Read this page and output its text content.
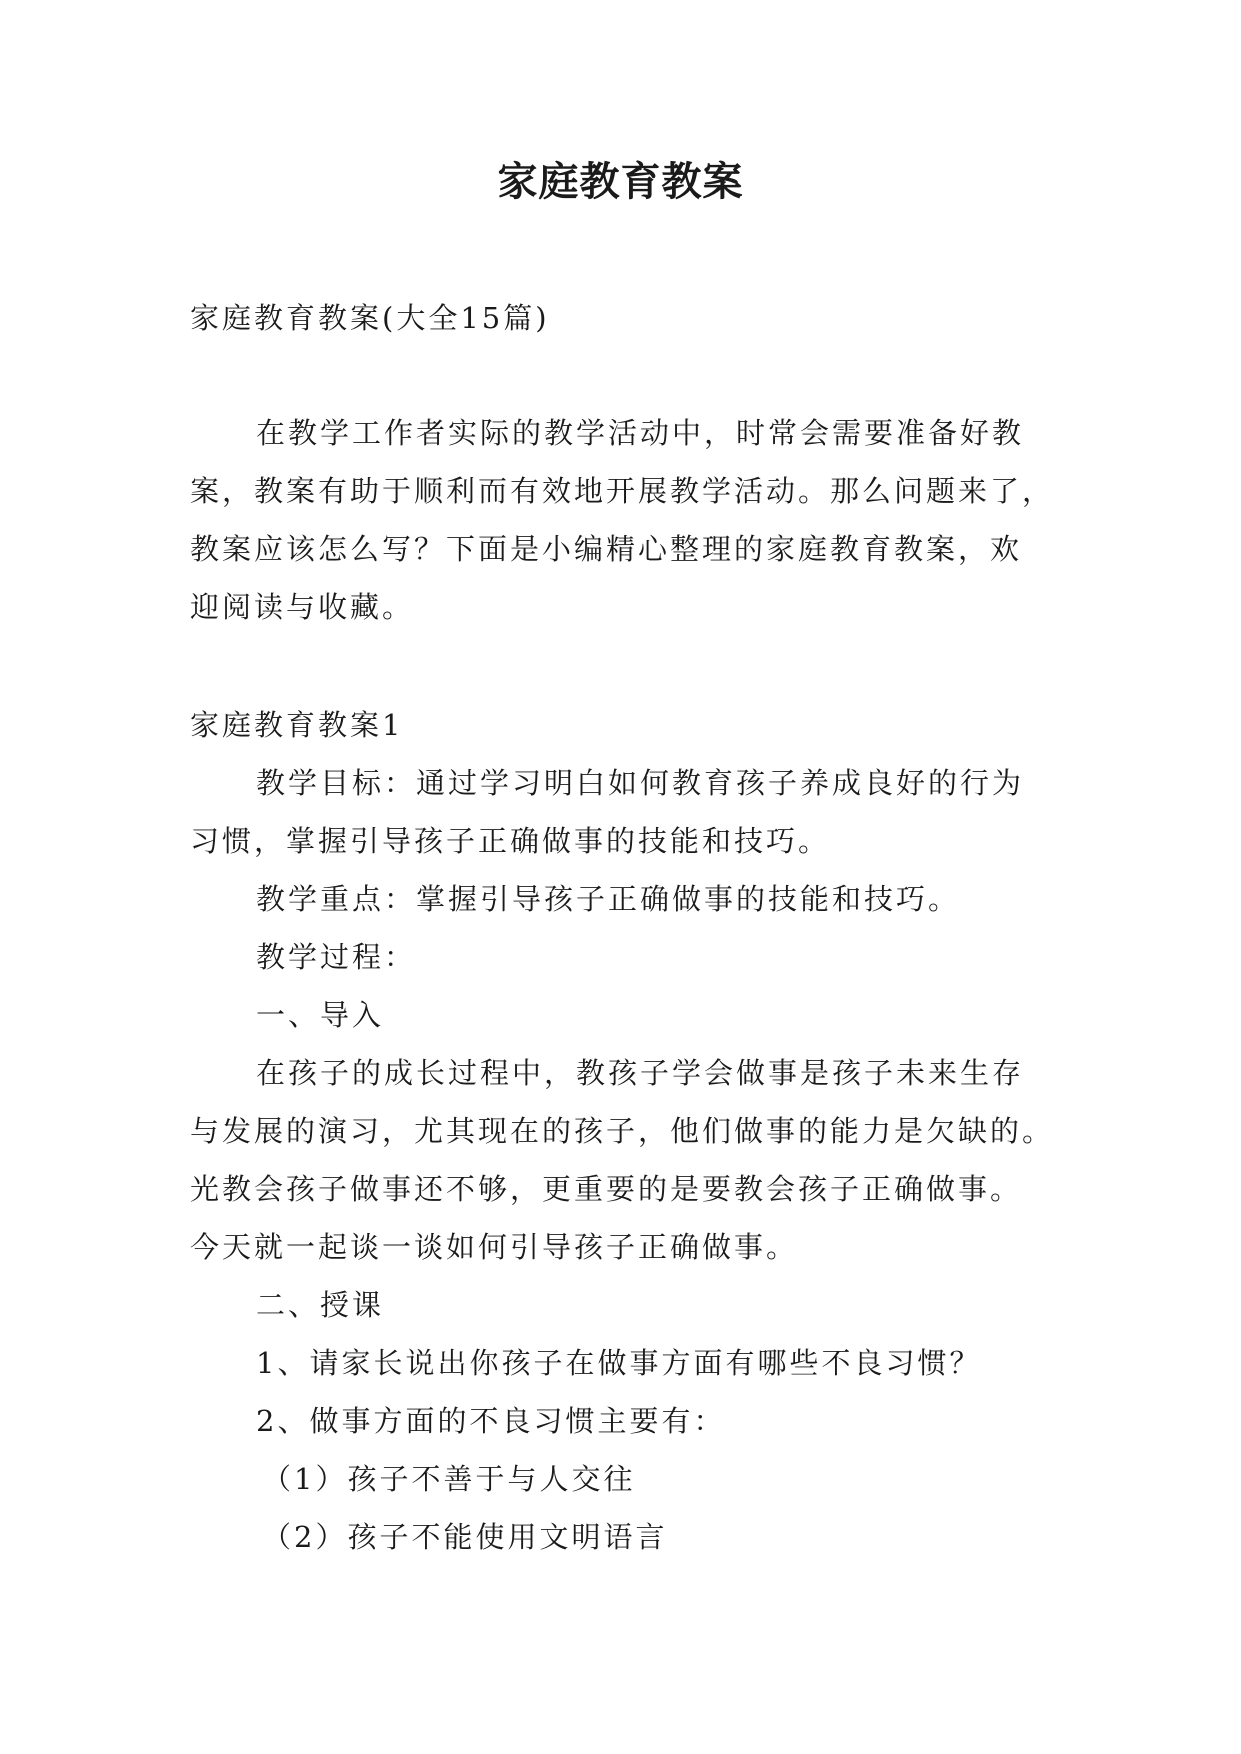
家庭教育教案
家庭教育教案(大全15篇)
在教学工作者实际的教学活动中，时常会需要准备好教
案，教案有助于顺利而有效地开展教学活动。那么问题来了，
教案应该怎么写？下面是小编精心整理的家庭教育教案，欢
迎阅读与收藏。
家庭教育教案1
教学目标：通过学习明白如何教育孩子养成良好的行为
习惯，掌握引导孩子正确做事的技能和技巧。
教学重点：掌握引导孩子正确做事的技能和技巧。
教学过程：
一、导入
在孩子的成长过程中，教孩子学会做事是孩子未来生存
与发展的演习，尤其现在的孩子，他们做事的能力是欠缺的。
光教会孩子做事还不够，更重要的是要教会孩子正确做事。
今天就一起谈一谈如何引导孩子正确做事。
二、授课
1、请家长说出你孩子在做事方面有哪些不良习惯？
2、做事方面的不良习惯主要有：
（1）孩子不善于与人交往
（2）孩子不能使用文明语言
